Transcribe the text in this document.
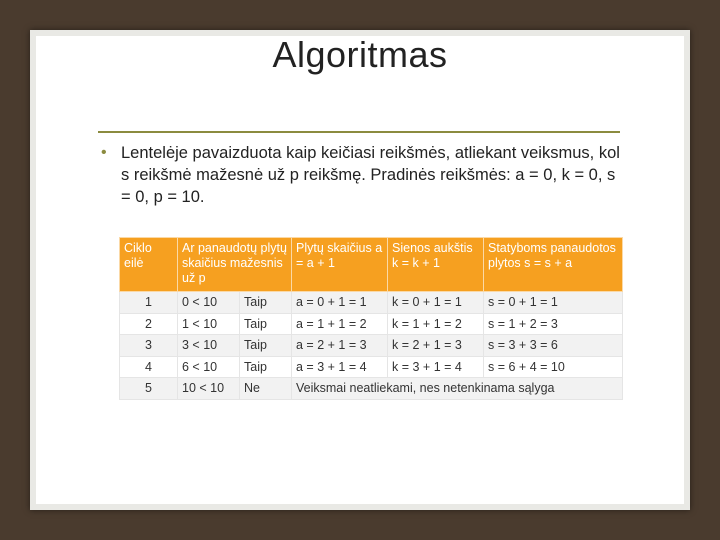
Algoritmas
• Lentelėje pavaizduota kaip keičiasi reikšmės, atliekant veiksmus, kol s reikšmė mažesnė už p reikšmę. Pradinės reikšmės: a = 0, k = 0, s = 0, p = 10.
Ciklo eilė	Ar panaudotų plytų skaičius mažesnis už p		Plytų skaičius a = a + 1	Sienos aukštis k = k + 1	Statyboms panaudotos plytos s = s + a
1	0 < 10	Taip	a = 0 + 1 = 1	k = 0 + 1 = 1	s = 0 + 1 = 1
2	1 < 10	Taip	a = 1 + 1 = 2	k = 1 + 1 = 2	s = 1 + 2 = 3
3	3 < 10	Taip	a = 2 + 1 = 3	k = 2 + 1 = 3	s = 3 + 3 = 6
4	6 < 10	Taip	a = 3 + 1 = 4	k = 3 + 1 = 4	s = 6 + 4 = 10
5	10 < 10	Ne	Veiksmai neatliekami, nes netenkinama sąlyga		
